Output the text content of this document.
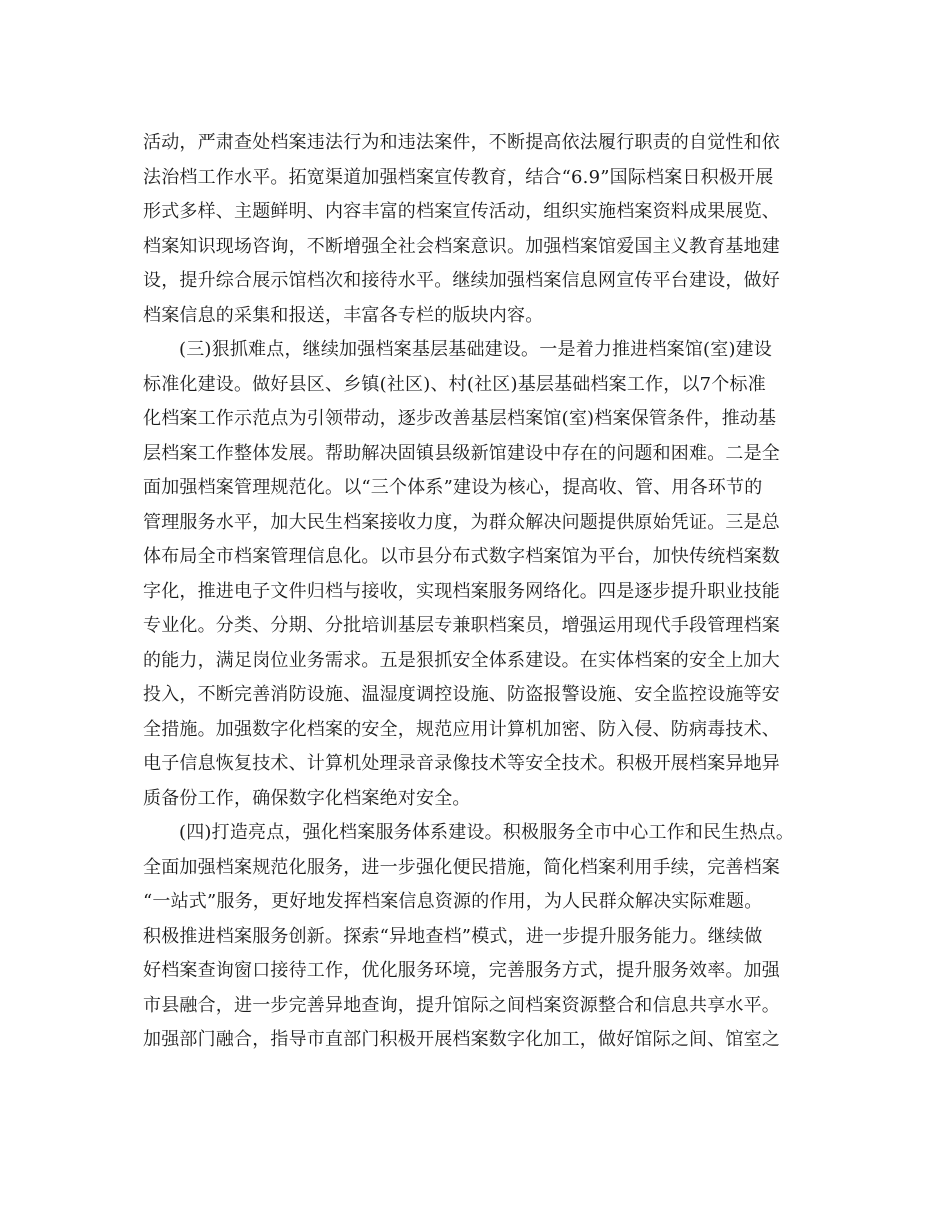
活动，严肃查处档案违法行为和违法案件，不断提高依法履行职责的自觉性和依
法治档工作水平。拓宽渠道加强档案宣传教育，结合“6.9”国际档案日积极开展
形式多样、主题鲜明、内容丰富的档案宣传活动，组织实施档案资料成果展览、
档案知识现场咨询，不断增强全社会档案意识。加强档案馆爱国主义教育基地建
设，提升综合展示馆档次和接待水平。继续加强档案信息网宣传平台建设，做好
档案信息的采集和报送，丰富各专栏的版块内容。
(三)狠抓难点，继续加强档案基层基础建设。一是着力推进档案馆(室)建设
标准化建设。做好县区、乡镇(社区)、村(社区)基层基础档案工作，以7个标准
化档案工作示范点为引领带动，逐步改善基层档案馆(室)档案保管条件，推动基
层档案工作整体发展。帮助解决固镇县级新馆建设中存在的问题和困难。二是全
面加强档案管理规范化。以“三个体系”建设为核心，提高收、管、用各环节的
管理服务水平，加大民生档案接收力度，为群众解决问题提供原始凭证。三是总
体布局全市档案管理信息化。以市县分布式数字档案馆为平台，加快传统档案数
字化，推进电子文件归档与接收，实现档案服务网络化。四是逐步提升职业技能
专业化。分类、分期、分批培训基层专兼职档案员，增强运用现代手段管理档案
的能力，满足岗位业务需求。五是狠抓安全体系建设。在实体档案的安全上加大
投入，不断完善消防设施、温湿度调控设施、防盗报警设施、安全监控设施等安
全措施。加强数字化档案的安全，规范应用计算机加密、防入侵、防病毒技术、
电子信息恢复技术、计算机处理录音录像技术等安全技术。积极开展档案异地异
质备份工作，确保数字化档案绝对安全。
(四)打造亮点，强化档案服务体系建设。积极服务全市中心工作和民生热点。
全面加强档案规范化服务，进一步强化便民措施，简化档案利用手续，完善档案
“一站式”服务，更好地发挥档案信息资源的作用，为人民群众解决实际难题。
积极推进档案服务创新。探索“异地查档”模式，进一步提升服务能力。继续做
好档案查询窗口接待工作，优化服务环境，完善服务方式，提升服务效率。加强
市县融合，进一步完善异地查询，提升馆际之间档案资源整合和信息共享水平。
加强部门融合，指导市直部门积极开展档案数字化加工，做好馆际之间、馆室之
